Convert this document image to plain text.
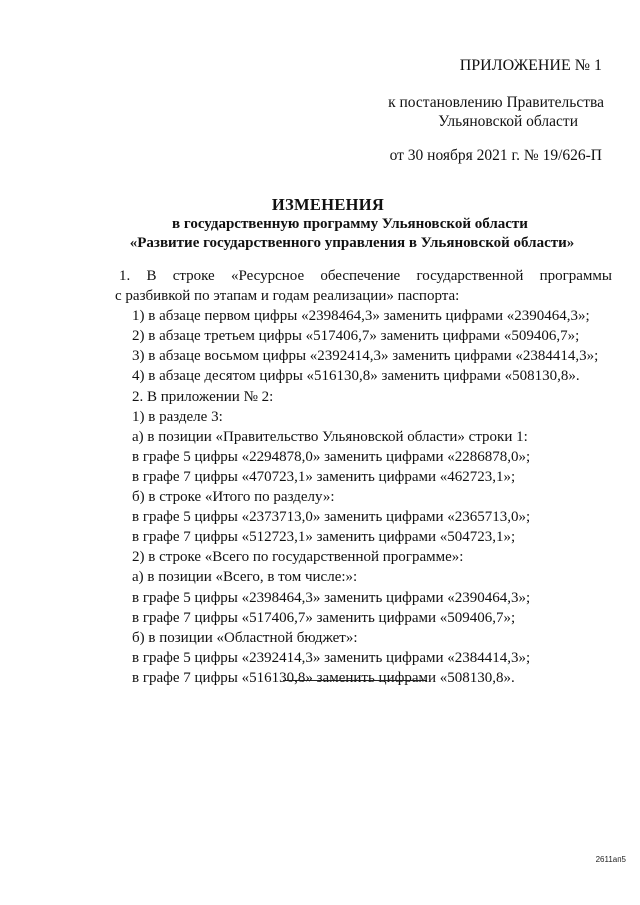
ПРИЛОЖЕНИЕ № 1
к постановлению Правительства
Ульяновской области
от 30 ноября 2021 г. № 19/626-П
ИЗМЕНЕНИЯ
в государственную программу Ульяновской области
«Развитие государственного управления в Ульяновской области»
1. В строке «Ресурсное обеспечение государственной программы
с разбивкой по этапам и годам реализации» паспорта:
1) в абзаце первом цифры «2398464,3» заменить цифрами «2390464,3»;
2) в абзаце третьем цифры «517406,7» заменить цифрами «509406,7»;
3) в абзаце восьмом цифры «2392414,3» заменить цифрами «2384414,3»;
4) в абзаце десятом цифры «516130,8» заменить цифрами «508130,8».
2. В приложении № 2:
1) в разделе 3:
а) в позиции «Правительство Ульяновской области» строки 1:
в графе 5 цифры «2294878,0» заменить цифрами «2286878,0»;
в графе 7 цифры «470723,1» заменить цифрами «462723,1»;
б) в строке «Итого по разделу»:
в графе 5 цифры «2373713,0» заменить цифрами «2365713,0»;
в графе 7 цифры «512723,1» заменить цифрами «504723,1»;
2) в строке «Всего по государственной программе»:
а) в позиции «Всего, в том числе:»:
в графе 5 цифры «2398464,3» заменить цифрами «2390464,3»;
в графе 7 цифры «517406,7» заменить цифрами «509406,7»;
б) в позиции «Областной бюджет»:
в графе 5 цифры «2392414,3» заменить цифрами «2384414,3»;
в графе 7 цифры «516130,8» заменить цифрами «508130,8».
2611ап5
